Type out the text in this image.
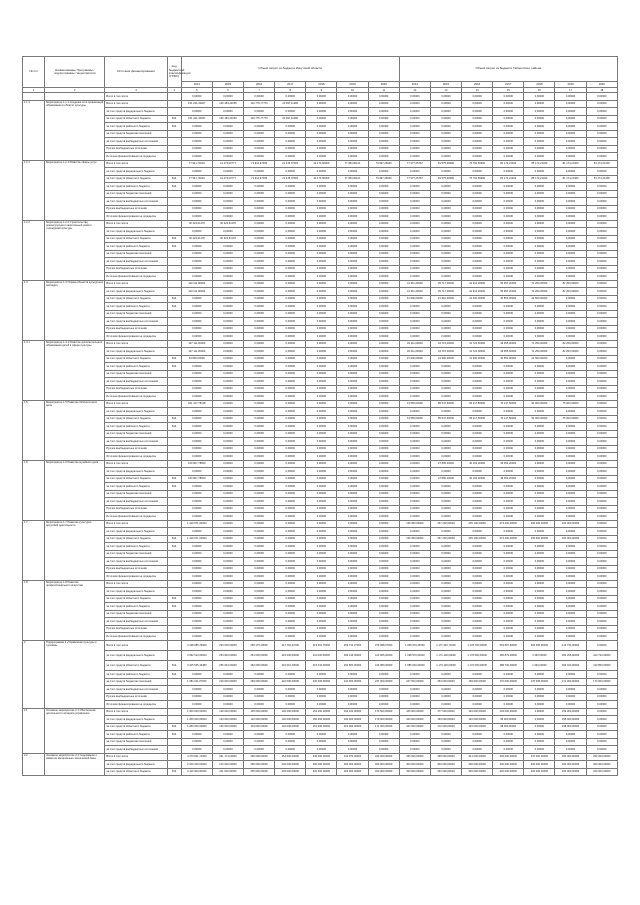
№ п/п	Наименование Программы / подпрограммы / мероприятия	Источник финансирования	Код бюджетной классификации (ГРБС)	Объем затрат из бюджета Иркутской области							Объем затрат из бюджета Тайшетского района						
				2014	2015	2016	2017	2018	2019	2020	2014	2015	2016	2017	2018	2019	2020
1	2	3	4	5	6	7	8	9	10	11	12	13	14	15	16	17	18
		Всего в том числе		0,00000	0,00000	0,00000	0,00000	0,00000	0,00000	0,00000	0,00000	0,00000	0,00000	0,00000	0,00000	0,00000	0,00000
1.1.1	Мероприятие 1.1.1 Создание сети организаций образования в области культуры	Всего в том числе		151 221,30007	126 184,43156	116 775,77770	20 697,11280	0,00000	0,00000	0,00000	0,00000	0,00000	0,00000	0,00000	0,00000	0,00000	0,00000
		за счет средств федерального бюджета		0,00000	0,00000	0,00000	0,00000	0,00000	0,00000	0,00000	0,00000	0,00000	0,00000	0,00000	0,00000	0,00000	0,00000
		за счет средств областного бюджета	814	151 221,30007	126 184,43156	116 775,77770	20 697,11280	0,00000	0,00000	0,00000	0,00000	0,00000	0,00000	0,00000	0,00000	0,00000	0,00000
		за счет средств районного бюджета	814	0,00000	0,00000	0,00000	0,00000	0,00000	0,00000	0,00000	0,00000	0,00000	0,00000	0,00000	0,00000	0,00000	0,00000
		за счет средств бюджетов поселений		0,00000	0,00000	0,00000	0,00000	0,00000	0,00000	0,00000	0,00000	0,00000	0,00000	0,00000	0,00000	0,00000	0,00000
		за счет средств внебюджетных источников		0,00000	0,00000	0,00000	0,00000	0,00000	0,00000	0,00000	0,00000	0,00000	0,00000	0,00000	0,00000	0,00000	0,00000
		Прочие внебюджетные источники		0,00000	0,00000	0,00000	0,00000	0,00000	0,00000	0,00000	0,00000	0,00000	0,00000	0,00000	0,00000	0,00000	0,00000
		Источник финансирования не определен		0,00000	0,00000	0,00000	0,00000	0,00000	0,00000	0,00000	0,00000	0,00000	0,00000	0,00000	0,00000	0,00000	0,00000
1.2.1	Мероприятие 1.2.1 Развитие сферы услуг	Всего в том числе		77 941,79419	41 473,00777	71 912,97005	21 415,07000	41 173,50000	77 383,90121	79 997,26000	77 977,25797	81 575,29996	75 791,59900	81 174,21400	85 174,21400	81 174,21400	81 174,21400
		за счет средств федерального бюджета		0,00000	0,00000	0,00000	0,00000	0,00000	0,00000	0,00000	0,00000	0,00000	0,00000	0,00000	0,00000	0,00000	0,00000
		за счет средств областного бюджета	814	77 941,79419	41 473,00777	71 912,97005	21 415,07000	41 173,50000	77 383,90121	79 997,26000	77 977,25797	81 575,29996	75 791,59900	81 174,21400	85 174,21400	81 174,21400	81 174,21400
		за счет средств районного бюджета	814	0,00000	0,00000	0,00000	0,00000	0,00000	0,00000	0,00000	0,00000	0,00000	0,00000	0,00000	0,00000	0,00000	0,00000
		за счет средств бюджетов поселений		0,00000	0,00000	0,00000	0,00000	0,00000	0,00000	0,00000	0,00000	0,00000	0,00000	0,00000	0,00000	0,00000	0,00000
		за счет средств внебюджетных источников		0,00000	0,00000	0,00000	0,00000	0,00000	0,00000	0,00000	0,00000	0,00000	0,00000	0,00000	0,00000	0,00000	0,00000
		Прочие внебюджетные источники		0,00000	0,00000	0,00000	0,00000	0,00000	0,00000	0,00000	0,00000	0,00000	0,00000	0,00000	0,00000	0,00000	0,00000
		Источник финансирования не определен		0,00000	0,00000	0,00000	0,00000	0,00000	0,00000	0,00000	0,00000	0,00000	0,00000	0,00000	0,00000	0,00000	0,00000
1.2.2	Мероприятие 1.2.2 Строительство, реконструкция и капитальный ремонт учреждений культуры	Всего в том числе		30 223,61178	30 223,61178	0,00000	0,00000	0,00000	0,00000	0,00000	0,00000	0,00000	0,00000	0,00000	0,00000	0,00000	0,00000
		за счет средств федерального бюджета		0,00000	0,00000	0,00000	0,00000	0,00000	0,00000	0,00000	0,00000	0,00000	0,00000	0,00000	0,00000	0,00000	0,00000
		за счет средств областного бюджета	814	30 223,61178	30 223,61178	0,00000	0,00000	0,00000	0,00000	0,00000	0,00000	0,00000	0,00000	0,00000	0,00000	0,00000	0,00000
		за счет средств районного бюджета	814	0,00000	0,00000	0,00000	0,00000	0,00000	0,00000	0,00000	0,00000	0,00000	0,00000	0,00000	0,00000	0,00000	0,00000
		за счет средств бюджетов поселений		0,00000	0,00000	0,00000	0,00000	0,00000	0,00000	0,00000	0,00000	0,00000	0,00000	0,00000	0,00000	0,00000	0,00000
		за счет средств внебюджетных источников		0,00000	0,00000	0,00000	0,00000	0,00000	0,00000	0,00000	0,00000	0,00000	0,00000	0,00000	0,00000	0,00000	0,00000
		Прочие внебюджетные источники		0,00000	0,00000	0,00000	0,00000	0,00000	0,00000	0,00000	0,00000	0,00000	0,00000	0,00000	0,00000	0,00000	0,00000
		Источник финансирования не определен		0,00000	0,00000	0,00000	0,00000	0,00000	0,00000	0,00000	0,00000	0,00000	0,00000	0,00000	0,00000	0,00000	0,00000
1.3	Мероприятие 1.3 Охрана объектов культурного наследия	Всего в том числе		110 111,90000	0,00000	0,00000	0,00000	0,00000	0,00000	0,00000	41 911,20000	35 717,00000	41 912,20000	50 957,20000	71 250,00000	82 250,00000	0,00000
		за счет средств федерального бюджета		110 111,90000	0,00000	0,00000	0,00000	0,00000	0,00000	0,00000	41 911,20000	35 717,00000	41 912,20000	50 957,20000	71 250,00000	82 250,00000	0,00000
		за счет средств областного бюджета	814	0,00000	0,00000	0,00000	0,00000	0,00000	0,00000	0,00000	31 900,00000	21 910,00000	31 900,00000	30 851,00000	21 500,00000	0,00000	0,00000
		за счет средств районного бюджета	814	0,00000	0,00000	0,00000	0,00000	0,00000	0,00000	0,00000	0,00000	0,00000	0,00000	0,00000	0,00000	0,00000	0,00000
		за счет средств бюджетов поселений		0,00000	0,00000	0,00000	0,00000	0,00000	0,00000	0,00000	0,00000	0,00000	0,00000	0,00000	0,00000	0,00000	0,00000
		за счет средств внебюджетных источников		0,00000	0,00000	0,00000	0,00000	0,00000	0,00000	0,00000	0,00000	0,00000	0,00000	0,00000	0,00000	0,00000	0,00000
		Прочие внебюджетные источники		0,00000	0,00000	0,00000	0,00000	0,00000	0,00000	0,00000	0,00000	0,00000	0,00000	0,00000	0,00000	0,00000	0,00000
		Источник финансирования не определен		0,00000	0,00000	0,00000	0,00000	0,00000	0,00000	0,00000	0,00000	0,00000	0,00000	0,00000	0,00000	0,00000	0,00000
1.4.1	Мероприятие 1.4.1 Развитие дополнительного образования детей в сфере культуры	Всего в том числе		107 111,00000	0,00000	0,00000	0,00000	0,00000	0,00000	0,00000	45 411,00000	34 715,00000	41 722,00000	49 955,00000	71 250,00000	82 250,00000	0,00000
		за счет средств федерального бюджета		107 111,00000	0,00000	0,00000	0,00000	0,00000	0,00000	0,00000	45 411,00000	34 715,00000	41 722,00000	49 955,00000	71 250,00000	82 250,00000	0,00000
		за счет средств областного бюджета	814	34 800,00000	0,00000	0,00000	0,00000	0,00000	0,00000	0,00000	31 900,00000	21 900,00000	31 900,00000	30 851,00000	21 500,00000	0,00000	0,00000
		за счет средств районного бюджета	814	0,00000	0,00000	0,00000	0,00000	0,00000	0,00000	0,00000	0,00000	0,00000	0,00000	0,00000	0,00000	0,00000	0,00000
		за счет средств бюджетов поселений		0,00000	0,00000	0,00000	0,00000	0,00000	0,00000	0,00000	0,00000	0,00000	0,00000	0,00000	0,00000	0,00000	0,00000
		за счет средств внебюджетных источников		0,00000	0,00000	0,00000	0,00000	0,00000	0,00000	0,00000	0,00000	0,00000	0,00000	0,00000	0,00000	0,00000	0,00000
		Прочие внебюджетные источники		0,00000	0,00000	0,00000	0,00000	0,00000	0,00000	0,00000	0,00000	0,00000	0,00000	0,00000	0,00000	0,00000	0,00000
		Источник финансирования не определен		0,00000	0,00000	0,00000	0,00000	0,00000	0,00000	0,00000	0,00000	0,00000	0,00000	0,00000	0,00000	0,00000	0,00000
1.5	Мероприятие 1.5 Развитие библиотечного дела	Всего в том числе		621 317,78418	0,00000	0,00000	0,00000	0,00000	0,00000	0,00000	13 565,00000	85 547,50000	69 217,50000	70 147,50000	91 000,00000	75 000,00000	0,00000
		за счет средств федерального бюджета		0,00000	0,00000	0,00000	0,00000	0,00000	0,00000	0,00000	0,00000	0,00000	0,00000	0,00000	0,00000	0,00000	0,00000
		за счет средств областного бюджета	814	0,00000	0,00000	0,00000	0,00000	0,00000	0,00000	0,00000	13 565,00000	85 547,50000	69 217,50000	70 147,50000	91 000,00000	75 000,00000	0,00000
		за счет средств районного бюджета	814	0,00000	0,00000	0,00000	0,00000	0,00000	0,00000	0,00000	0,00000	0,00000	0,00000	0,00000	0,00000	0,00000	0,00000
		за счет средств бюджетов поселений		0,00000	0,00000	0,00000	0,00000	0,00000	0,00000	0,00000	0,00000	0,00000	0,00000	0,00000	0,00000	0,00000	0,00000
		за счет средств внебюджетных источников		0,00000	0,00000	0,00000	0,00000	0,00000	0,00000	0,00000	0,00000	0,00000	0,00000	0,00000	0,00000	0,00000	0,00000
		Прочие внебюджетные источники		0,00000	0,00000	0,00000	0,00000	0,00000	0,00000	0,00000	0,00000	0,00000	0,00000	0,00000	0,00000	0,00000	0,00000
		Источник финансирования не определен		0,00000	0,00000	0,00000	0,00000	0,00000	0,00000	0,00000	0,00000	0,00000	0,00000	0,00000	0,00000	0,00000	0,00000
1.6	Мероприятие 1.6 Развитие музейного дела	Всего в том числе		160 807,78000	0,00000	0,00000	0,00000	0,00000	0,00000	0,00000	0,00000	27 895,10000	40 103,00000	36 054,20000	0,00000	0,00000	0,00000
		за счет средств федерального бюджета		0,00000	0,00000	0,00000	0,00000	0,00000	0,00000	0,00000	0,00000	0,00000	0,00000	0,00000	0,00000	0,00000	0,00000
		за счет средств областного бюджета	814	160 807,78000	0,00000	0,00000	0,00000	0,00000	0,00000	0,00000	0,00000	27 895,10000	40 103,00000	36 054,20000	0,00000	0,00000	0,00000
		за счет средств районного бюджета	814	0,00000	0,00000	0,00000	0,00000	0,00000	0,00000	0,00000	0,00000	0,00000	0,00000	0,00000	0,00000	0,00000	0,00000
		за счет средств бюджетов поселений		0,00000	0,00000	0,00000	0,00000	0,00000	0,00000	0,00000	0,00000	0,00000	0,00000	0,00000	0,00000	0,00000	0,00000
		за счет средств внебюджетных источников		0,00000	0,00000	0,00000	0,00000	0,00000	0,00000	0,00000	0,00000	0,00000	0,00000	0,00000	0,00000	0,00000	0,00000
		Прочие внебюджетные источники		0,00000	0,00000	0,00000	0,00000	0,00000	0,00000	0,00000	0,00000	0,00000	0,00000	0,00000	0,00000	0,00000	0,00000
		Источник финансирования не определен		0,00000	0,00000	0,00000	0,00000	0,00000	0,00000	0,00000	0,00000	0,00000	0,00000	0,00000	0,00000	0,00000	0,00000
1.7	Мероприятие 1.7 Развитие культурно-досуговой деятельности	Всего в том числе		1 419 971,00000	0,00000	0,00000	0,00000	0,00000	0,00000	0,00000	136 350,00000	237 200,00000	235 100,00000	273 200,00000	160 000,00000	160 000,00000	0,00000
		за счет средств федерального бюджета		0,00000	0,00000	0,00000	0,00000	0,00000	0,00000	0,00000	0,00000	0,00000	0,00000	0,00000	0,00000	0,00000	0,00000
		за счет средств областного бюджета	814	1 419 971,00000	0,00000	0,00000	0,00000	0,00000	0,00000	0,00000	136 350,00000	237 200,00000	235 100,00000	273 200,00000	160 000,00000	160 000,00000	0,00000
		за счет средств районного бюджета	814	0,00000	0,00000	0,00000	0,00000	0,00000	0,00000	0,00000	0,00000	0,00000	0,00000	0,00000	0,00000	0,00000	0,00000
		за счет средств бюджетов поселений		0,00000	0,00000	0,00000	0,00000	0,00000	0,00000	0,00000	0,00000	0,00000	0,00000	0,00000	0,00000	0,00000	0,00000
		за счет средств внебюджетных источников		0,00000	0,00000	0,00000	0,00000	0,00000	0,00000	0,00000	0,00000	0,00000	0,00000	0,00000	0,00000	0,00000	0,00000
		Прочие внебюджетные источники		0,00000	0,00000	0,00000	0,00000	0,00000	0,00000	0,00000	0,00000	0,00000	0,00000	0,00000	0,00000	0,00000	0,00000
		Источник финансирования не определен		0,00000	0,00000	0,00000	0,00000	0,00000	0,00000	0,00000	0,00000	0,00000	0,00000	0,00000	0,00000	0,00000	0,00000
1.8	Мероприятие 1.8 Развитие профессионального искусства	Всего в том числе		0,00000	0,00000	0,00000	0,00000	0,00000	0,00000	0,00000	0,00000	0,00000	0,00000	0,00000	0,00000	0,00000	0,00000
		за счет средств федерального бюджета		0,00000	0,00000	0,00000	0,00000	0,00000	0,00000	0,00000	0,00000	0,00000	0,00000	0,00000	0,00000	0,00000	0,00000
		за счет средств областного бюджета	814	0,00000	0,00000	0,00000	0,00000	0,00000	0,00000	0,00000	0,00000	0,00000	0,00000	0,00000	0,00000	0,00000	0,00000
		за счет средств районного бюджета	814	0,00000	0,00000	0,00000	0,00000	0,00000	0,00000	0,00000	0,00000	0,00000	0,00000	0,00000	0,00000	0,00000	0,00000
		за счет средств бюджетов поселений		0,00000	0,00000	0,00000	0,00000	0,00000	0,00000	0,00000	0,00000	0,00000	0,00000	0,00000	0,00000	0,00000	0,00000
		за счет средств внебюджетных источников		0,00000	0,00000	0,00000	0,00000	0,00000	0,00000	0,00000	0,00000	0,00000	0,00000	0,00000	0,00000	0,00000	0,00000
		Прочие внебюджетные источники		0,00000	0,00000	0,00000	0,00000	0,00000	0,00000	0,00000	0,00000	0,00000	0,00000	0,00000	0,00000	0,00000	0,00000
		Источник финансирования не определен		0,00000	0,00000	0,00000	0,00000	0,00000	0,00000	0,00000	0,00000	0,00000	0,00000	0,00000	0,00000	0,00000	0,00000
2	Подпрограмма 2 «Управление культуры и туризма»	Всего в том числе		3 198 085,79000	294 009,60000	269 175,10000	317 762,34700	219 001,76000	359 741,27000	379 998,07000	1 069 970,25000	1 171 440,71000	1 178 700,00000	503 897,60000	363 295,90000	413 733,00000	0,00000
		за счет средств федерального бюджета		3 092 513,00000	254 900,00000	261 000,00000	215 000,00000	211 000,00000	399 146,00000	413 905,00000	1 098 970,00000	1 171 400,00000	1 178 600,00000	482 879,00000	3 160,00000	363 295,90000	413 733,00000
		за счет средств областного бюджета	814	3 105 545,16480	256 004,00000	262 006,00000	216 010,40000	215 044,00000	391 581,00000	414 080,00000	1 085 000,00000	1 173 400,00000	1 170 000,00000	488 700,00000	1 230,00000	363 420,00000	413 850,00000
		за счет средств районного бюджета	814	0,00000	0,00000	0,00000	0,00000	0,00000	0,00000	0,00000	0,00000	0,00000	0,00000	0,00000	0,00000	0,00000	0,00000
		за счет средств бюджетов поселений		1 081 011,07000	219 000,00000	269 000,00000	222 000,00000	230 000,00000	241 000,00000	247 000,00000	247 000,00000	253 000,00000	169 500,00000	170 000,00000	170 000,00000	171 000,00000	173 000,00000
		за счет средств внебюджетных источников		0,00000	0,00000	0,00000	0,00000	0,00000	0,00000	0,00000	0,00000	0,00000	0,00000	0,00000	0,00000	0,00000	0,00000
		Прочие внебюджетные источники		0,00000	0,00000	0,00000	0,00000	0,00000	0,00000	0,00000	0,00000	0,00000	0,00000	0,00000	0,00000	0,00000	0,00000
		Источник финансирования не определен		0,00000	0,00000	0,00000	0,00000	0,00000	0,00000	0,00000	0,00000	0,00000	0,00000	0,00000	0,00000	0,00000	0,00000
2.1	Основное мероприятие 2.1 Обеспечение деятельности аппарата управления	Всего в том числе		1 300 000,00000	129 000,00000	135 000,00000	146 000,00000	153 000,00000	162 100,00000	173 500,00000	166 000,00000	177 000,00000	146 600,00000	103 000,00000	0,00000	159 000,00000	0,00000
		за счет средств федерального бюджета		1 266 000,00000	124 000,00000	132 000,00000	140 000,00000	150 000,00000	160 000,00000	170 000,00000	160 000,00000	169 000,00000	146 000,00000	95 000,00000	0,00000	158 000,00000	0,00000
		за счет средств областного бюджета	814	1 280 000,00000	126 000,00000	133 000,00000	142 000,00000	151 000,00000	161 000,00000	171 000,00000	162 000,00000	172 000,00000	146 000,00000	98 000,00000	0,00000	158 000,00000	0,00000
		за счет средств районного бюджета	814	0,00000	0,00000	0,00000	0,00000	0,00000	0,00000	0,00000	0,00000	0,00000	0,00000	0,00000	0,00000	0,00000	0,00000
		за счет средств бюджетов поселений		0,00000	0,00000	0,00000	0,00000	0,00000	0,00000	0,00000	0,00000	0,00000	0,00000	0,00000	0,00000	0,00000	0,00000
		за счет средств внебюджетных источников		0,00000	0,00000	0,00000	0,00000	0,00000	0,00000	0,00000	0,00000	0,00000	0,00000	0,00000	0,00000	0,00000	0,00000
2.2	Основное мероприятие 2.2 Содержание и развитие материально-технической базы	Всего в том числе		4 470 601,71000	221 174,00000	266 000,00000	254 600,00000	340 000,00000	341 070,00000	342 000,00000	335 000,00000	338 000,00000	341 000,00000	345 000,00000	347 000,00000	350 000,00000	352 000,00000
		за счет средств федерального бюджета		2 100 000,00000	210 000,00000	250 000,00000	240 000,00000	300 000,00000	300 000,00000	300 000,00000	300 000,00000	300 000,00000	300 000,00000	300 000,00000	300 000,00000	300 000,00000	300 000,00000
		за счет средств областного бюджета	814	3 110 000,00000	211 000,00000	255 000,00000	245 000,00000	320 000,00000	320 000,00000	320 000,00000	320 000,00000	320 000,00000	320 000,00000	320 000,00000	320 000,00000	320 000,00000	320 000,00000
